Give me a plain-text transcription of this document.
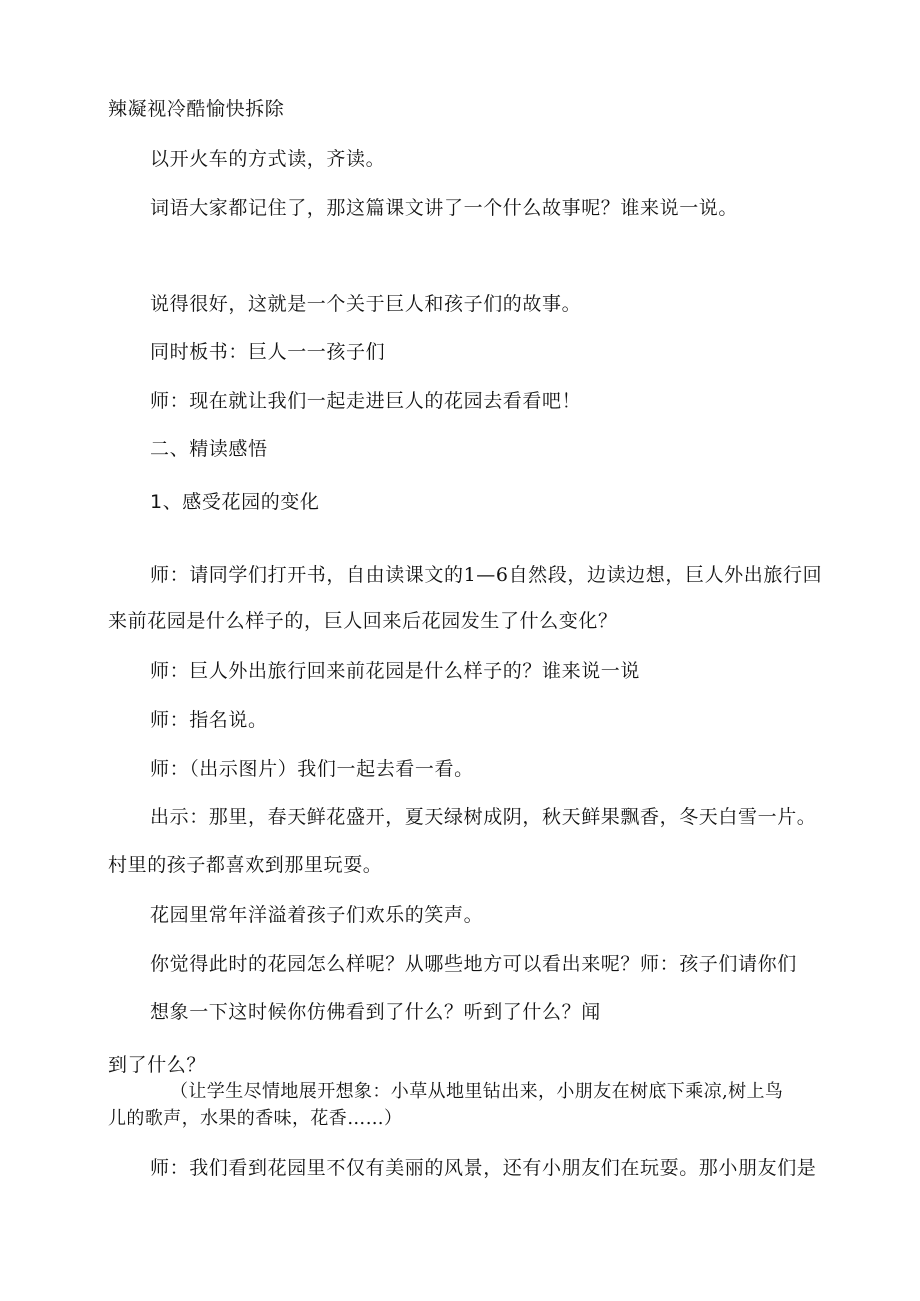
辣凝视冷酷愉快拆除
以开火车的方式读，齐读。
词语大家都记住了，那这篇课文讲了一个什么故事呢？谁来说一说。
说得很好，这就是一个关于巨人和孩子们的故事。
同时板书：巨人一一孩子们
师：现在就让我们一起走进巨人的花园去看看吧！
二、精读感悟
1、感受花园的变化
师：请同学们打开书，自由读课文的1—6自然段，边读边想，巨人外出旅行回
来前花园是什么样子的，巨人回来后花园发生了什么变化？
师：巨人外出旅行回来前花园是什么样子的？谁来说一说
师：指名说。
师：（出示图片）我们一起去看一看。
出示：那里，春天鲜花盛开，夏天绿树成阴，秋天鲜果飘香，冬天白雪一片。
村里的孩子都喜欢到那里玩耍。
花园里常年洋溢着孩子们欢乐的笑声。
你觉得此时的花园怎么样呢？从哪些地方可以看出来呢？师：孩子们请你们
想象一下这时候你仿佛看到了什么？听到了什么？闻
到了什么？
（让学生尽情地展开想象：小草从地里钻出来，小朋友在树底下乘凉,树上鸟
儿的歌声，水果的香味，花香……）
师：我们看到花园里不仅有美丽的风景，还有小朋友们在玩耍。那小朋友们是
